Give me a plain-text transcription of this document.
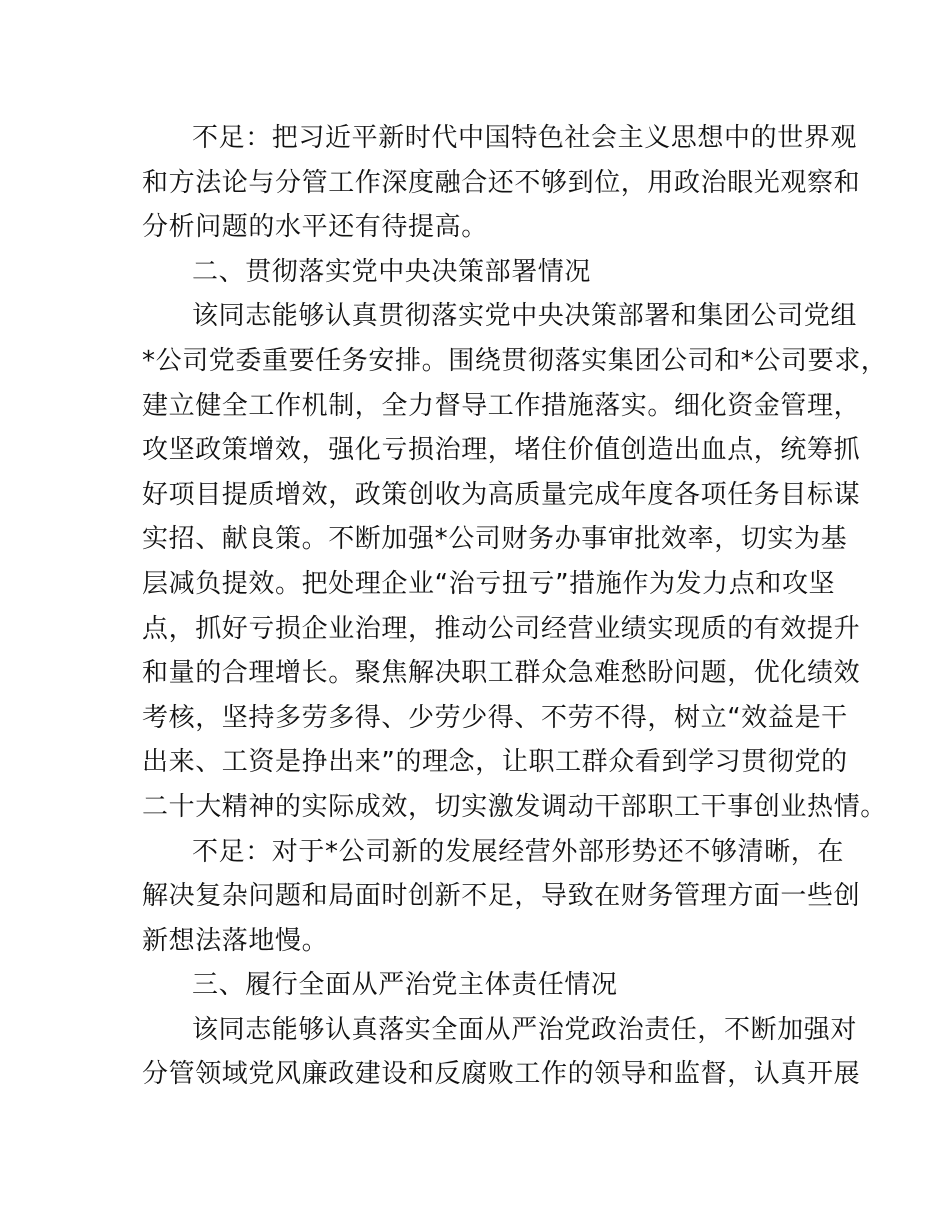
不足：把习近平新时代中国特色社会主义思想中的世界观
和方法论与分管工作深度融合还不够到位，用政治眼光观察和
分析问题的水平还有待提高。
二、贯彻落实党中央决策部署情况
该同志能够认真贯彻落实党中央决策部署和集团公司党组
*公司党委重要任务安排。围绕贯彻落实集团公司和*公司要求，
建立健全工作机制，全力督导工作措施落实。细化资金管理，
攻坚政策增效，强化亏损治理，堵住价值创造出血点，统筹抓
好项目提质增效，政策创收为高质量完成年度各项任务目标谋
实招、献良策。不断加强*公司财务办事审批效率，切实为基
层减负提效。把处理企业“治亏扭亏”措施作为发力点和攻坚
点，抓好亏损企业治理，推动公司经营业绩实现质的有效提升
和量的合理增长。聚焦解决职工群众急难愁盼问题，优化绩效
考核，坚持多劳多得、少劳少得、不劳不得，树立“效益是干
出来、工资是挣出来”的理念，让职工群众看到学习贯彻党的
二十大精神的实际成效，切实激发调动干部职工干事创业热情。
不足：对于*公司新的发展经营外部形势还不够清晰，在
解决复杂问题和局面时创新不足，导致在财务管理方面一些创
新想法落地慢。
三、履行全面从严治党主体责任情况
该同志能够认真落实全面从严治党政治责任，不断加强对
分管领域党风廉政建设和反腐败工作的领导和监督，认真开展
